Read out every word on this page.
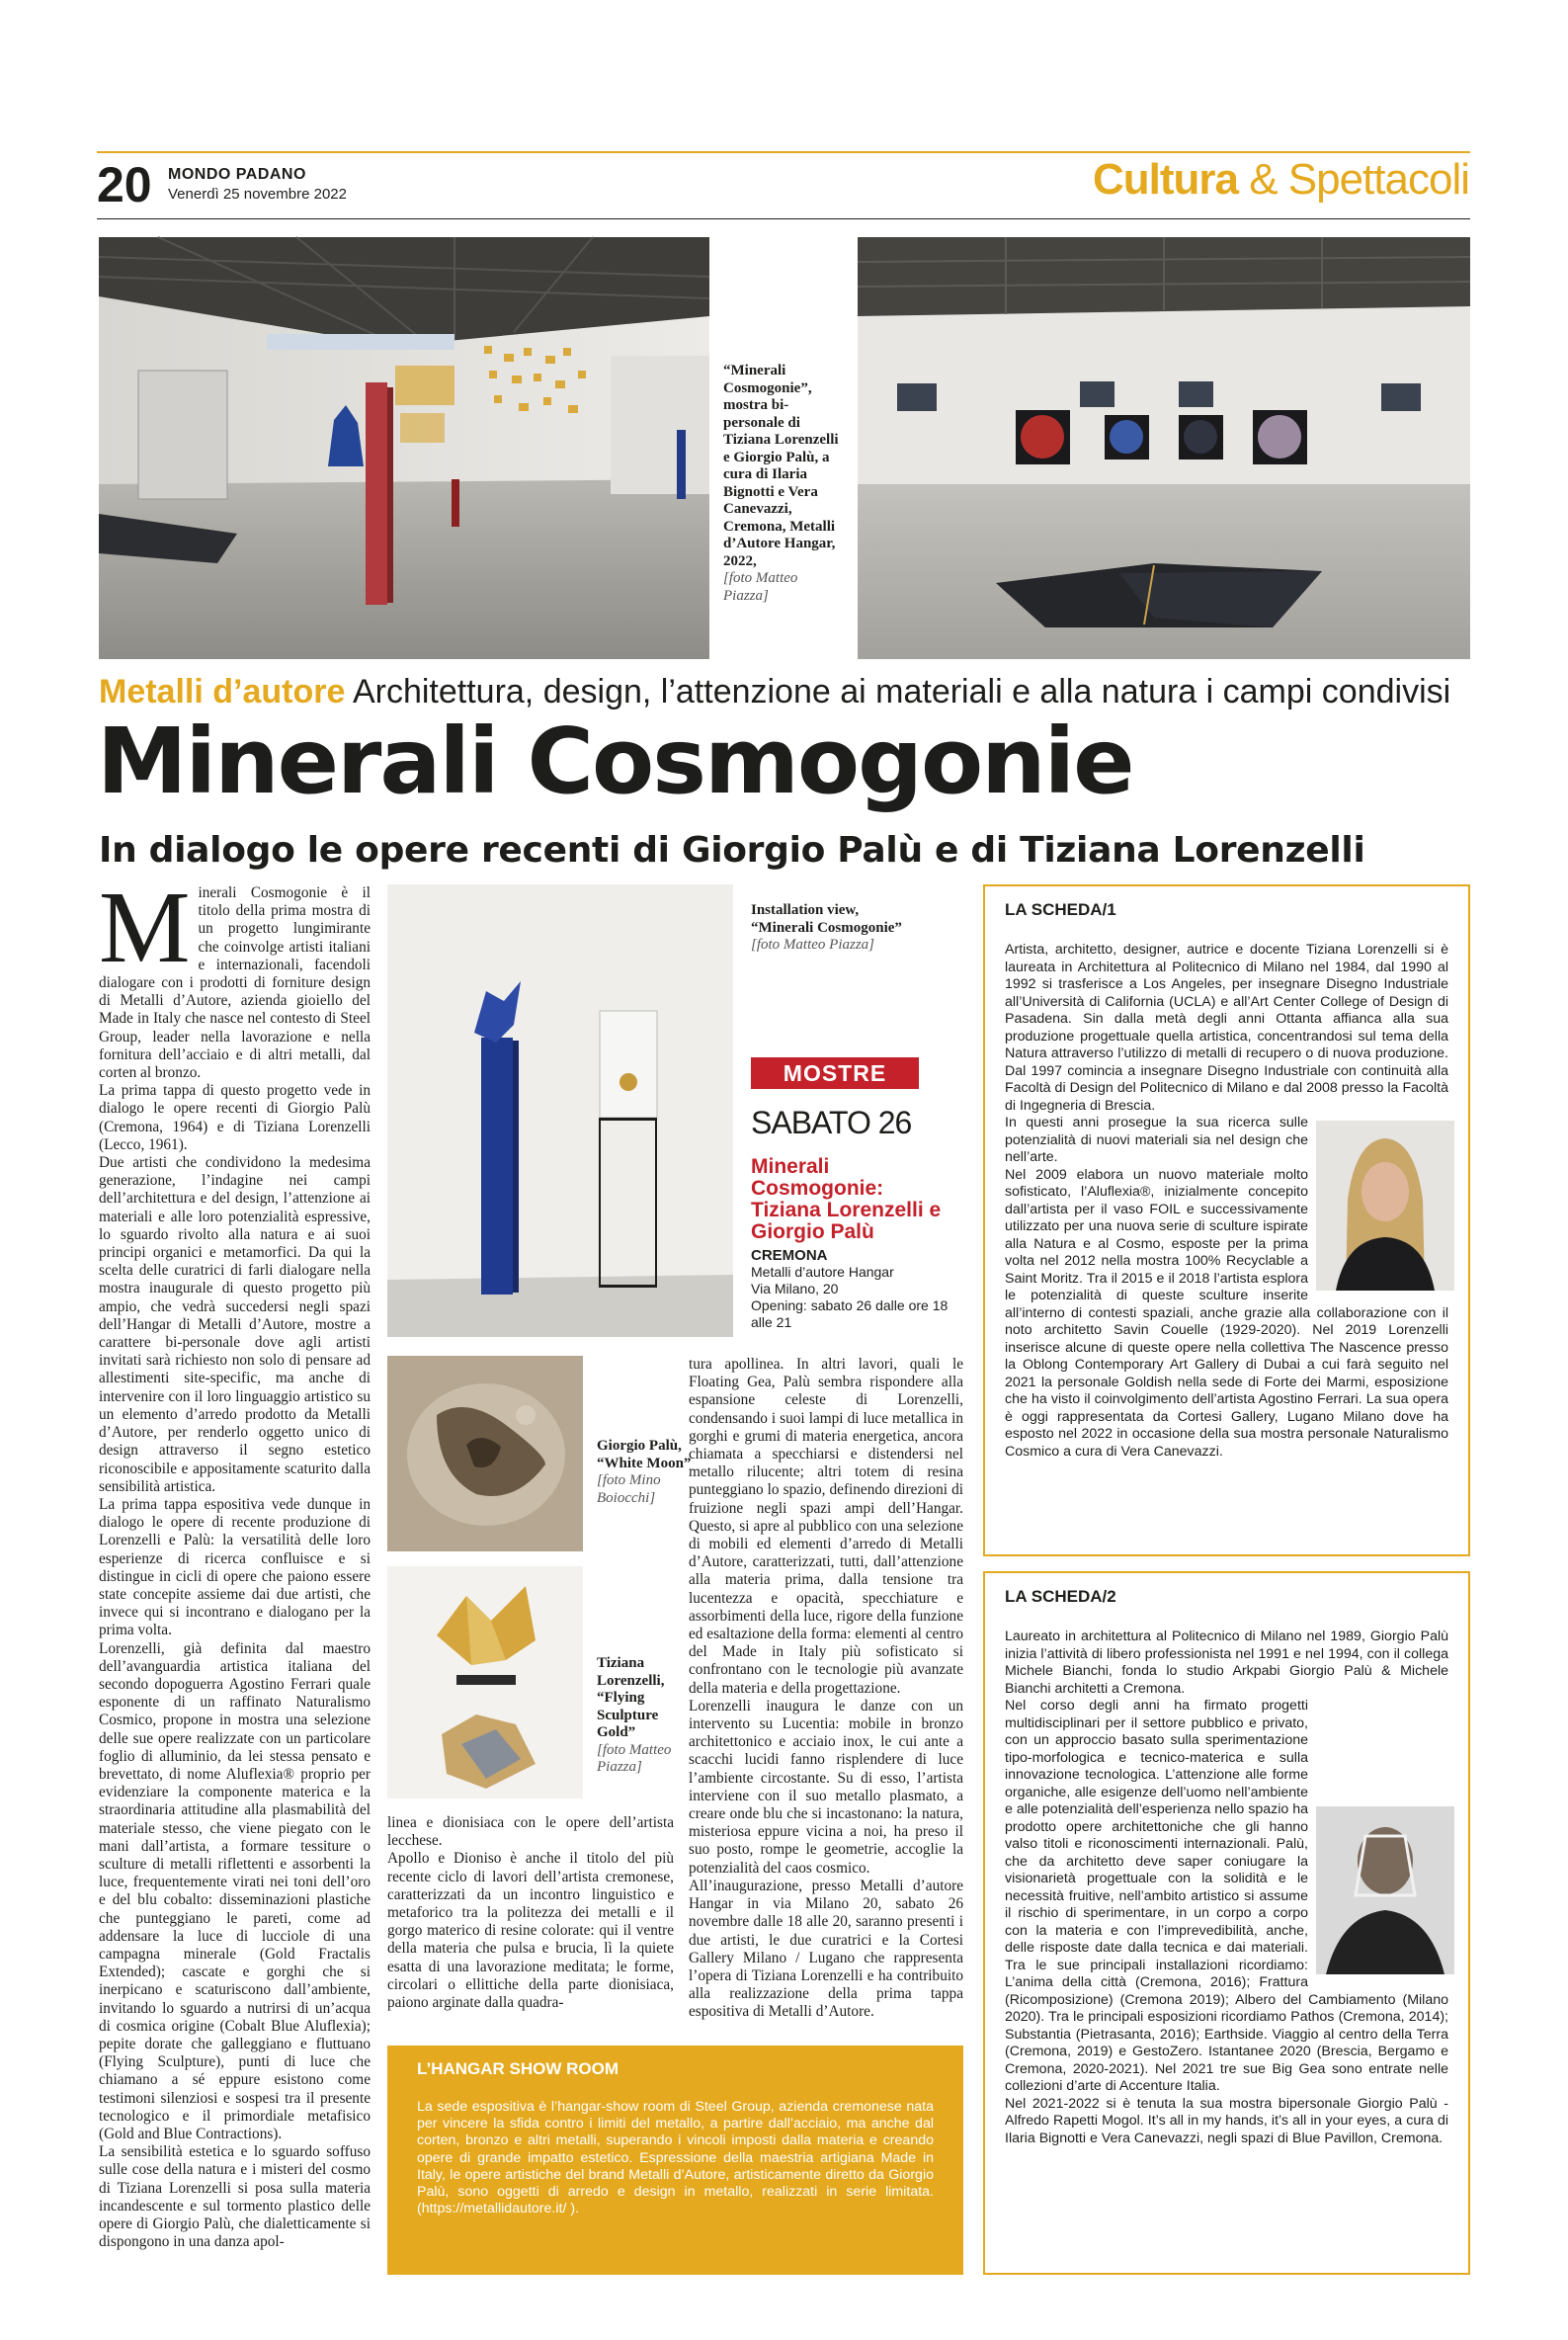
20 MONDO PADANO
Venerdì 25 novembre 2022	Cultura & Spettacoli
“Minerali Cosmogonie”, mostra bi-personale di Tiziana Lorenzelli e Giorgio Palù, a cura di Ilaria Bignotti e Vera Canevazzi, Cremona, Metalli d’Autore Hangar, 2022,
[foto Matteo Piazza]
Metalli d’autore Architettura, design, l’attenzione ai materiali e alla natura i campi condivisi
Minerali Cosmogonie
In dialogo le opere recenti di Giorgio Palù e di Tiziana Lorenzelli
M inerali Cosmogonie è il titolo della prima mostra di un progetto lungimirante che coinvolge artisti italiani e internazionali, facendoli dialogare con i prodotti di forniture design di Metalli d’Autore, azienda gioiello del Made in Italy che nasce nel contesto di Steel Group, leader nella lavorazione e nella fornitura dell’acciaio e di altri metalli, dal corten al bronzo.

La prima tappa di questo progetto vede in dialogo le opere recenti di Giorgio Palù (Cremona, 1964) e di Tiziana Lorenzelli (Lecco, 1961).

Due artisti che condividono la medesima generazione, l’indagine nei campi dell’architettura e del design, l’attenzione ai materiali e alle loro potenzialità espressive, lo sguardo rivolto alla natura e ai suoi principi organici e metamorfici. Da qui la scelta delle curatrici di farli dialogare nella mostra inaugurale di questo progetto più ampio, che vedrà succedersi negli spazi dell’Hangar di Metalli d’Autore, mostre a carattere bi-personale dove agli artisti invitati sarà richiesto non solo di pensare ad allestimenti site-specific, ma anche di intervenire con il loro linguaggio artistico su un elemento d’arredo prodotto da Metalli d’Autore, per renderlo oggetto unico di design attraverso il segno estetico riconoscibile e appositamente scaturito dalla sensibilità artistica.

La prima tappa espositiva vede dunque in dialogo le opere di recente produzione di Lorenzelli e Palù: la versatilità delle loro esperienze di ricerca confluisce e si distingue in cicli di opere che paiono essere state concepite assieme dai due artisti, che invece qui si incontrano e dialogano per la prima volta.

Lorenzelli, già definita dal maestro dell’avanguardia artistica italiana del secondo dopoguerra Agostino Ferrari quale esponente di un raffinato Naturalismo Cosmico, propone in mostra una selezione delle sue opere realizzate con un particolare foglio di alluminio, da lei stessa pensato e brevettato, di nome Aluflexia® proprio per evidenziare la componente materica e la straordinaria attitudine alla plasmabilità del materiale stesso, che viene piegato con le mani dall’artista, a formare tessiture o sculture di metalli riflettenti e assorbenti la luce, frequentemente virati nei toni dell’oro e del blu cobalto: disseminazioni plastiche che punteggiano le pareti, come ad addensare la luce di lucciole di una campagna minerale (Gold Fractalis Extended); cascate e gorghi che si inerpicano e scaturiscono dall’ambiente, invitando lo sguardo a nutrirsi di un’acqua di cosmica origine (Cobalt Blue Aluflexia); pepite dorate che galleggiano e fluttuano (Flying Sculpture), punti di luce che chiamano a sé eppure esistono come testimoni silenziosi e sospesi tra il presente tecnologico e il primordiale metafisico (Gold and Blue Contractions).

La sensibilità estetica e lo sguardo soffuso sulle cose della natura e i misteri del cosmo di Tiziana Lorenzelli si posa sulla materia incandescente e sul tormento plastico delle opere di Giorgio Palù, che dialetticamente si dispongono in una danza apol-

Installation view, “Minerali Cosmogonie”
[foto Matteo Piazza]
MOSTRE
SABATO 26
Minerali Cosmogonie: Tiziana Lorenzelli e Giorgio Palù
CREMONA
Metalli d’autore Hangar
Via Milano, 20
Opening: sabato 26 dalle ore 18 alle 21
Giorgio Palù, “White Moon”
[foto Mino Boiocchi]
Tiziana Lorenzelli, “Flying Sculpture Gold”
[foto Matteo Piazza]

linea e dionisiaca con le opere dell’artista lecchese.

Apollo e Dioniso è anche il titolo del più recente ciclo di lavori dell’artista cremonese, caratterizzati da un incontro linguistico e metaforico tra la politezza dei metalli e il gorgo materico di resine colorate: qui il ventre della materia che pulsa e brucia, lì la quiete esatta di una lavorazione meditata; le forme, circolari o ellittiche della parte dionisiaca, paiono arginate dalla quadra-

tura apollinea. In altri lavori, quali le Floating Gea, Palù sembra rispondere alla espansione celeste di Lorenzelli, condensando i suoi lampi di luce metallica in gorghi e grumi di materia energetica, ancora chiamata a specchiarsi e distendersi nel metallo rilucente; altri totem di resina punteggiano lo spazio, definendo direzioni di fruizione negli spazi ampi dell’Hangar. Questo, si apre al pubblico con una selezione di mobili ed elementi d’arredo di Metalli d’Autore, caratterizzati, tutti, dall’attenzione alla materia prima, dalla tensione tra lucentezza e opacità, specchiature e assorbimenti della luce, rigore della funzione ed esaltazione della forma: elementi al centro del Made in Italy più sofisticato si confrontano con le tecnologie più avanzate della materia e della progettazione.

Lorenzelli inaugura le danze con un intervento su Lucentia: mobile in bronzo architettonico e acciaio inox, le cui ante a scacchi lucidi fanno risplendere di luce l’ambiente circostante. Su di esso, l’artista interviene con il suo metallo plasmato, a creare onde blu che si incastonano: la natura, misteriosa eppure vicina a noi, ha preso il suo posto, rompe le geometrie, accoglie la potenzialità del caos cosmico.

All’inaugurazione, presso Metalli d’autore Hangar in via Milano 20, sabato 26 novembre dalle 18 alle 20, saranno presenti i due artisti, le due curatrici e la Cortesi Gallery Milano / Lugano che rappresenta l’opera di Tiziana Lorenzelli e ha contribuito alla realizzazione della prima tappa espositiva di Metalli d’Autore.

L’HANGAR SHOW ROOM
La sede espositiva è l’hangar-show room di Steel Group, azienda cremonese nata per vincere la sfida contro i limiti del metallo, a partire dall’acciaio, ma anche dal corten, bronzo e altri metalli, superando i vincoli imposti dalla materia e creando opere di grande impatto estetico. Espressione della maestria artigiana Made in Italy, le opere artistiche del brand Metalli d’Autore, artisticamente diretto da Giorgio Palù, sono oggetti di arredo e design in metallo, realizzati in serie limitata. (https://metallidautore.it/ ).
LA SCHEDA/1

Artista, architetto, designer, autrice e docente Tiziana Lorenzelli si è laureata in Architettura al Politecnico di Milano nel 1984, dal 1990 al 1992 si trasferisce a Los Angeles, per insegnare Disegno Industriale all’Università di California (UCLA) e all’Art Center College of Design di Pasadena. Sin dalla metà degli anni Ottanta affianca alla sua produzione progettuale quella artistica, concentrandosi sul tema della Natura attraverso l’utilizzo di metalli di recupero o di nuova produzione. Dal 1997 comincia a insegnare Disegno Industriale con continuità alla Facoltà di Design del Politecnico di Milano e dal 2008 presso la Facoltà di Ingegneria di Brescia.

In questi anni prosegue la sua ricerca sulle potenzialità di nuovi materiali sia nel design che nell’arte.

Nel 2009 elabora un nuovo materiale molto sofisticato, l’Aluflexia®, inizialmente concepito dall’artista per il vaso FOIL e successivamente utilizzato per una nuova serie di sculture ispirate alla Natura e al Cosmo, esposte per la prima volta nel 2012 nella mostra 100% Recyclable a Saint Moritz. Tra il 2015 e il 2018 l’artista esplora le potenzialità di queste sculture inserite all’interno di contesti spaziali, anche grazie alla collaborazione con il noto architetto Savin Couelle (1929-2020). Nel 2019 Lorenzelli inserisce alcune di queste opere nella collettiva The Nascence presso la Oblong Contemporary Art Gallery di Dubai a cui farà seguito nel 2021 la personale Goldish nella sede di Forte dei Marmi, esposizione che ha visto il coinvolgimento dell’artista Agostino Ferrari. La sua opera è oggi rappresentata da Cortesi Gallery, Lugano Milano dove ha esposto nel 2022 in occasione della sua mostra personale Naturalismo Cosmico a cura di Vera Canevazzi.

LA SCHEDA/2

Laureato in architettura al Politecnico di Milano nel 1989, Giorgio Palù inizia l’attività di libero professionista nel 1991 e nel 1994, con il collega Michele Bianchi, fonda lo studio Arkpabi Giorgio Palù & Michele Bianchi architetti a Cremona.

Nel corso degli anni ha firmato progetti multidisciplinari per il settore pubblico e privato, con un approccio basato sulla sperimentazione tipo-morfologica e tecnico-materica e sulla innovazione tecnologica. L’attenzione alle forme organiche, alle esigenze dell’uomo nell’ambiente e alle potenzialità dell’esperienza nello spazio ha prodotto opere architettoniche che gli hanno valso titoli e riconoscimenti internazionali. Palù, che da architetto deve saper coniugare la visionarietà progettuale con la solidità e le necessità fruitive, nell’ambito artistico si assume il rischio di sperimentare, in un corpo a corpo con la materia e con l’imprevedibilità, anche, delle risposte date dalla tecnica e dai materiali. Tra le sue principali installazioni ricordiamo: L’anima della città (Cremona, 2016); Frattura (Ricomposizione) (Cremona 2019); Albero del Cambiamento (Milano 2020). Tra le principali esposizioni ricordiamo Pathos (Cremona, 2014); Substantia (Pietrasanta, 2016); Earthside. Viaggio al centro della Terra (Cremona, 2019) e GestoZero. Istantanee 2020 (Brescia, Bergamo e Cremona, 2020-2021). Nel 2021 tre sue Big Gea sono entrate nelle collezioni d’arte di Accenture Italia.

Nel 2021-2022 si è tenuta la sua mostra bipersonale Giorgio Palù - Alfredo Rapetti Mogol. It’s all in my hands, it’s all in your eyes, a cura di Ilaria Bignotti e Vera Canevazzi, negli spazi di Blue Pavillon, Cremona.
